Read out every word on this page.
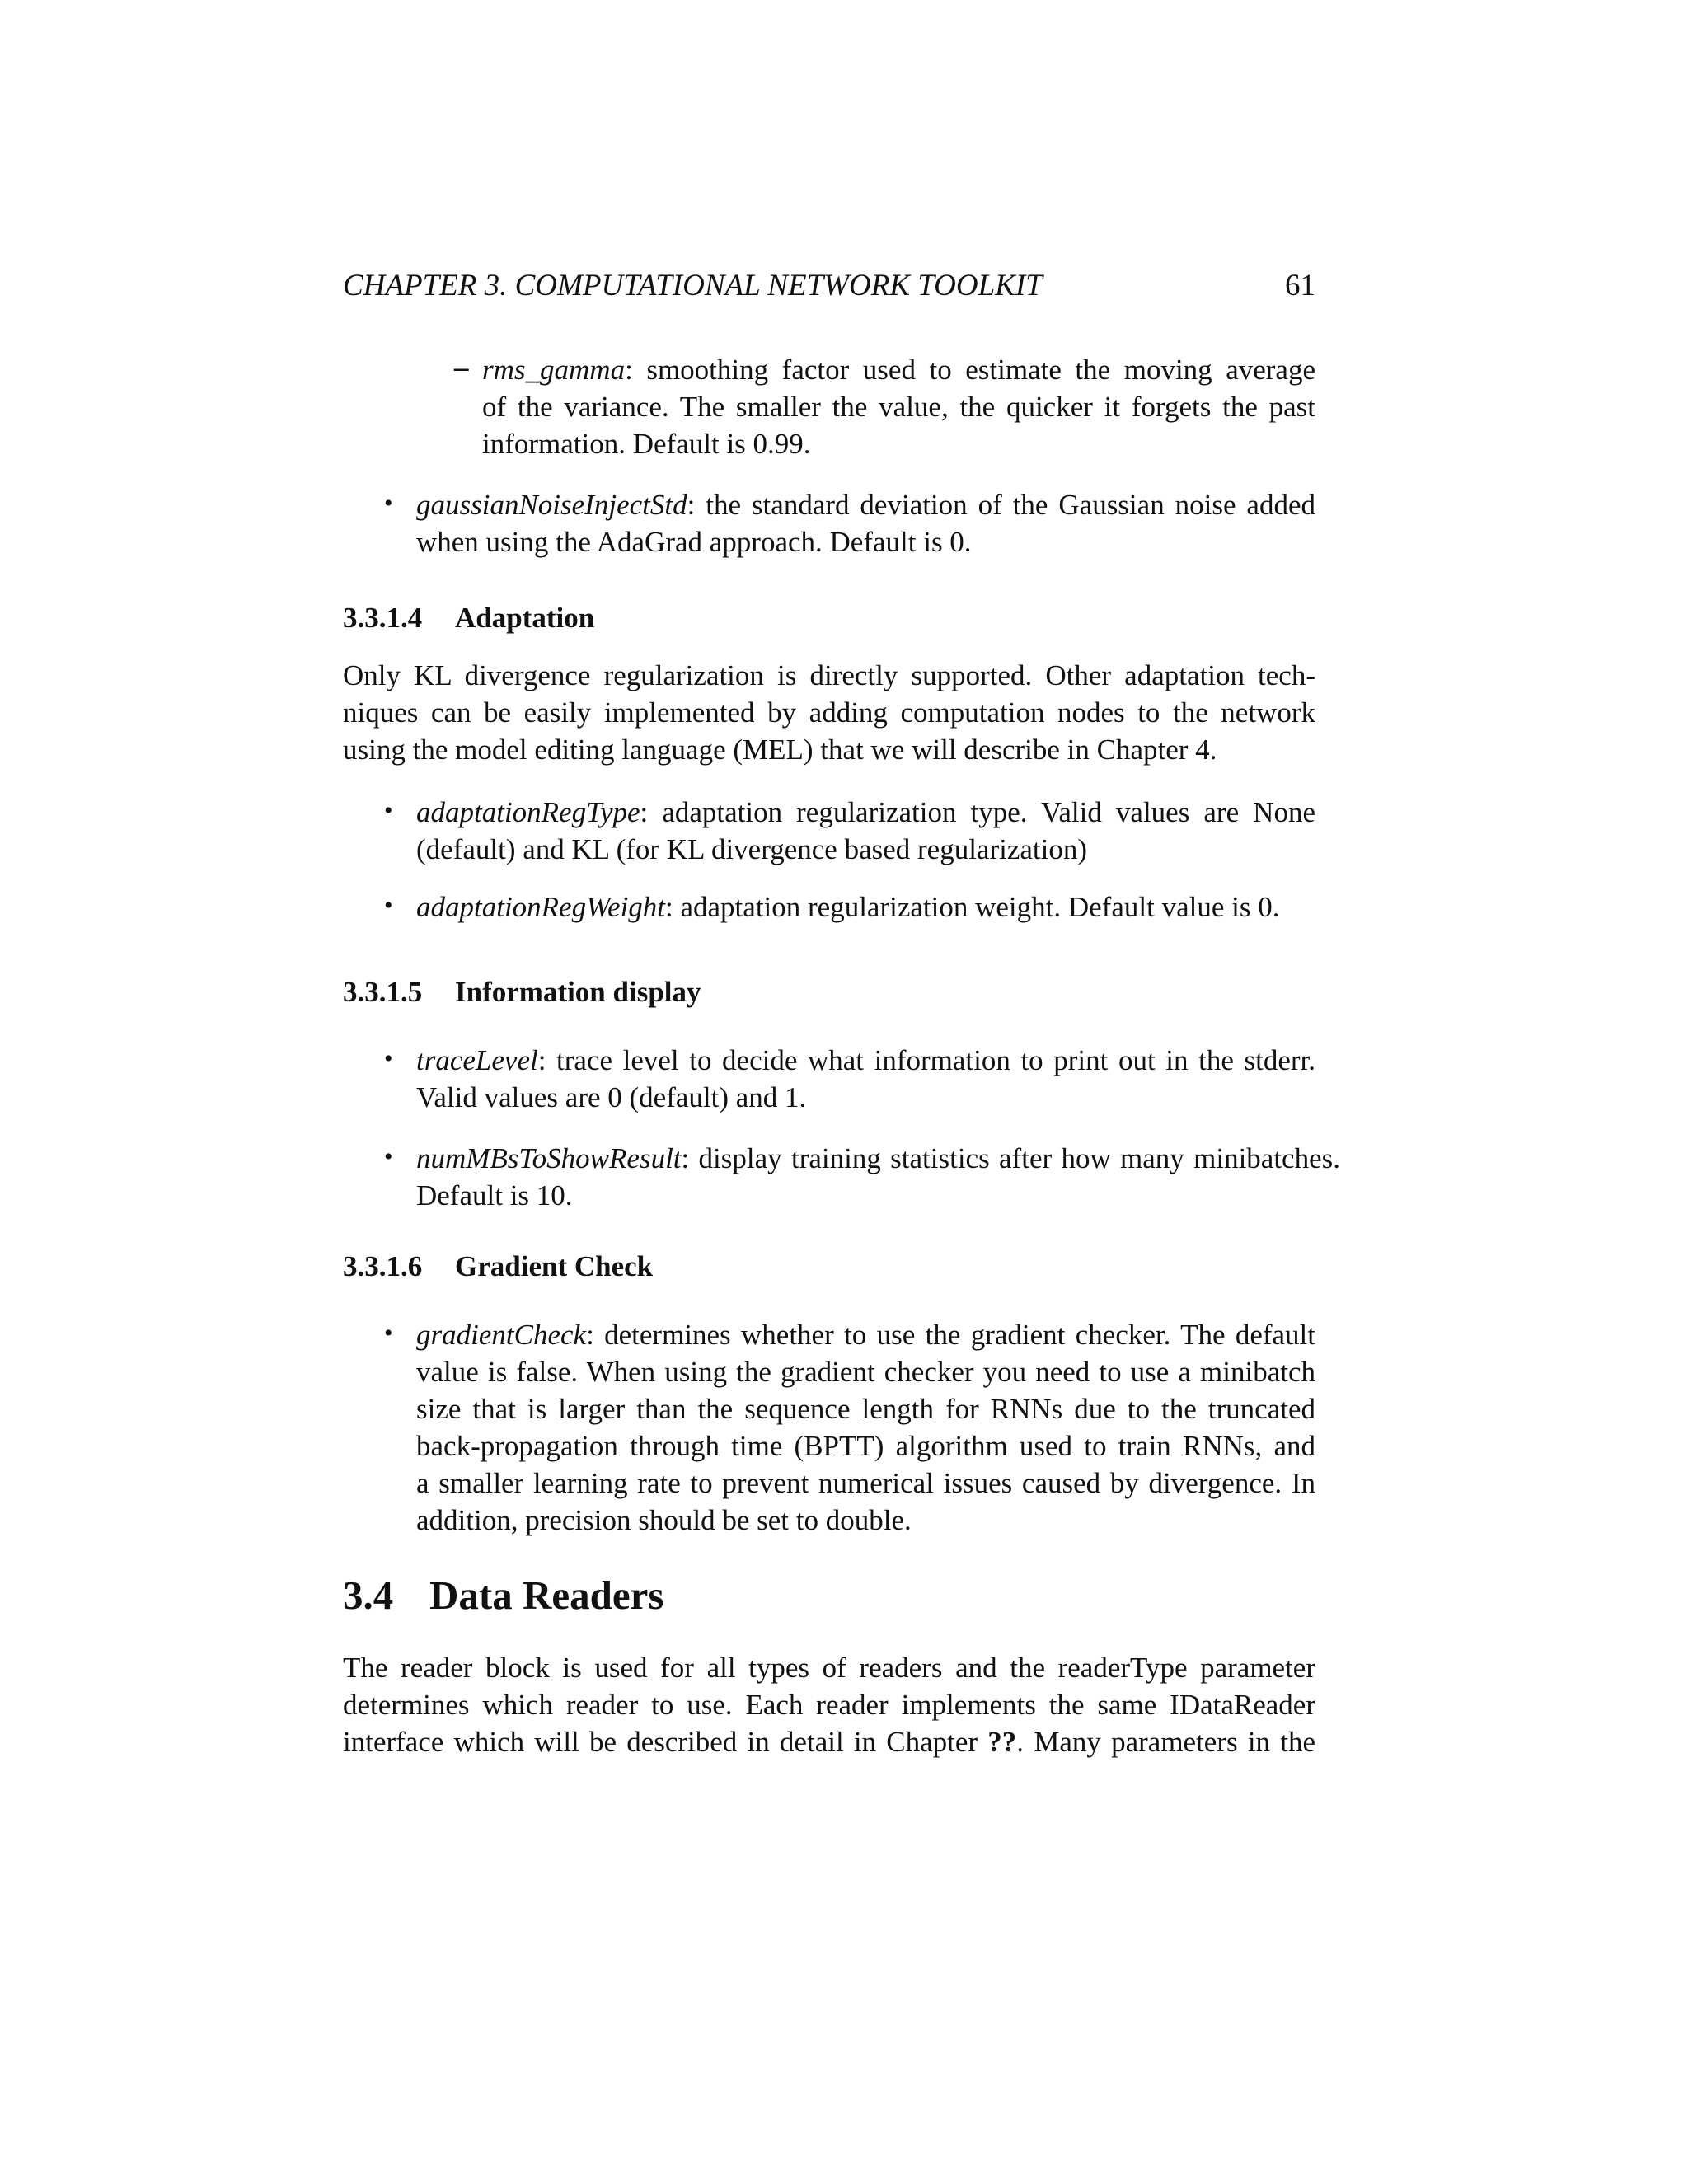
CHAPTER 3. COMPUTATIONAL NETWORK TOOLKIT	61
– rms_gamma: smoothing factor used to estimate the moving average
of the variance. The smaller the value, the quicker it forgets the past
information. Default is 0.99.
• gaussianNoiseInjectStd: the standard deviation of the Gaussian noise added
when using the AdaGrad approach. Default is 0.
3.3.1.4 Adaptation
Only KL divergence regularization is directly supported. Other adaptation tech-
niques can be easily implemented by adding computation nodes to the network
using the model editing language (MEL) that we will describe in Chapter 4.
• adaptationRegType: adaptation regularization type. Valid values are None
(default) and KL (for KL divergence based regularization)
• adaptationRegWeight: adaptation regularization weight. Default value is 0.
3.3.1.5 Information display
• traceLevel: trace level to decide what information to print out in the stderr.
Valid values are 0 (default) and 1.
• numMBsToShowResult: display training statistics after how many minibatches.
Default is 10.
3.3.1.6 Gradient Check
• gradientCheck: determines whether to use the gradient checker. The default
value is false. When using the gradient checker you need to use a minibatch
size that is larger than the sequence length for RNNs due to the truncated
back-propagation through time (BPTT) algorithm used to train RNNs, and
a smaller learning rate to prevent numerical issues caused by divergence. In
addition, precision should be set to double.
3.4 Data Readers
The reader block is used for all types of readers and the readerType parameter
determines which reader to use. Each reader implements the same IDataReader
interface which will be described in detail in Chapter ??. Many parameters in the
